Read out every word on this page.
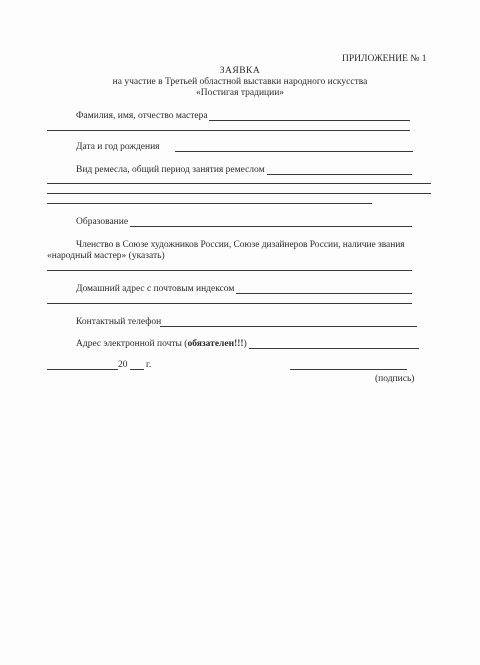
ПРИЛОЖЕНИЕ № 1
ЗАЯВКА
на участие в Третьей областной выставки народного искусства
«Постигая традиции»
Фамилия, имя, отчество мастера
Дата и год рождения
Вид ремесла, общий период занятия ремеслом
Образование
Членство в Союзе художников России, Союзе дизайнеров России, наличие звания
«народный мастер» (указать)
Домашний адрес с почтовым индексом
Контактный телефон
Адрес электронной почты (обязателен!!!)
20 г.
(подпись)
